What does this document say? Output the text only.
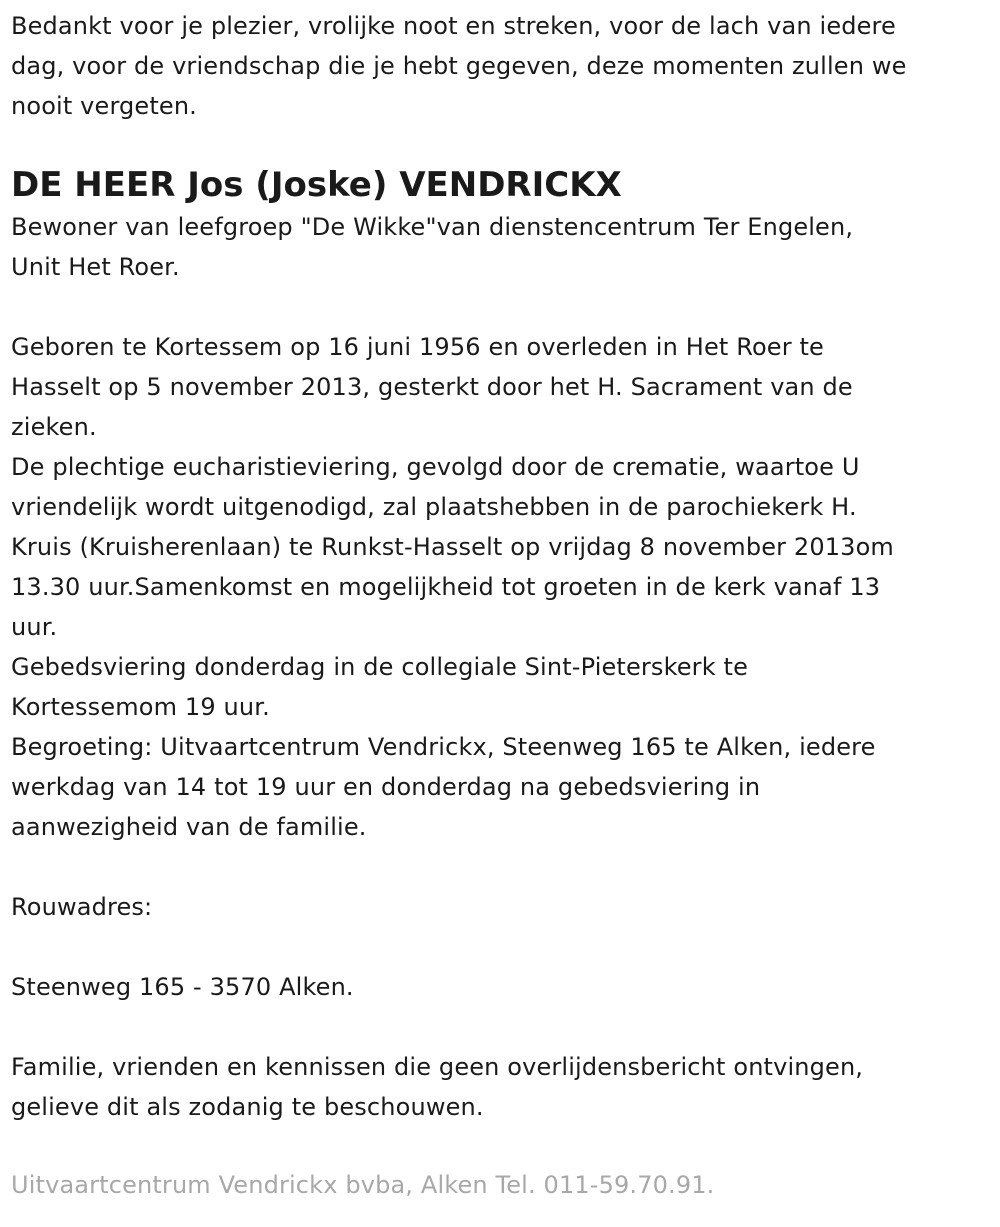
Bedankt voor je plezier, vrolijke noot en streken, voor de lach van iedere
dag, voor de vriendschap die je hebt gegeven, deze momenten zullen we
nooit vergeten.
DE HEER Jos (Joske) VENDRICKX
Bewoner van leefgroep "De Wikke"van dienstencentrum Ter Engelen,
Unit Het Roer.
Geboren te Kortessem op 16 juni 1956 en overleden in Het Roer te
Hasselt op 5 november 2013, gesterkt door het H. Sacrament van de
zieken.
De plechtige eucharistieviering, gevolgd door de crematie, waartoe U
vriendelijk wordt uitgenodigd, zal plaatshebben in de parochiekerk H.
Kruis (Kruisherenlaan) te Runkst-Hasselt op vrijdag 8 november 2013om
13.30 uur.Samenkomst en mogelijkheid tot groeten in de kerk vanaf 13
uur.
Gebedsviering donderdag in de collegiale Sint-Pieterskerk te
Kortessemom 19 uur.
Begroeting: Uitvaartcentrum Vendrickx, Steenweg 165 te Alken, iedere
werkdag van 14 tot 19 uur en donderdag na gebedsviering in
aanwezigheid van de familie.
Rouwadres:
Steenweg 165 - 3570 Alken.
Familie, vrienden en kennissen die geen overlijdensbericht ontvingen,
gelieve dit als zodanig te beschouwen.
Uitvaartcentrum Vendrickx bvba, Alken Tel. 011-59.70.91.
